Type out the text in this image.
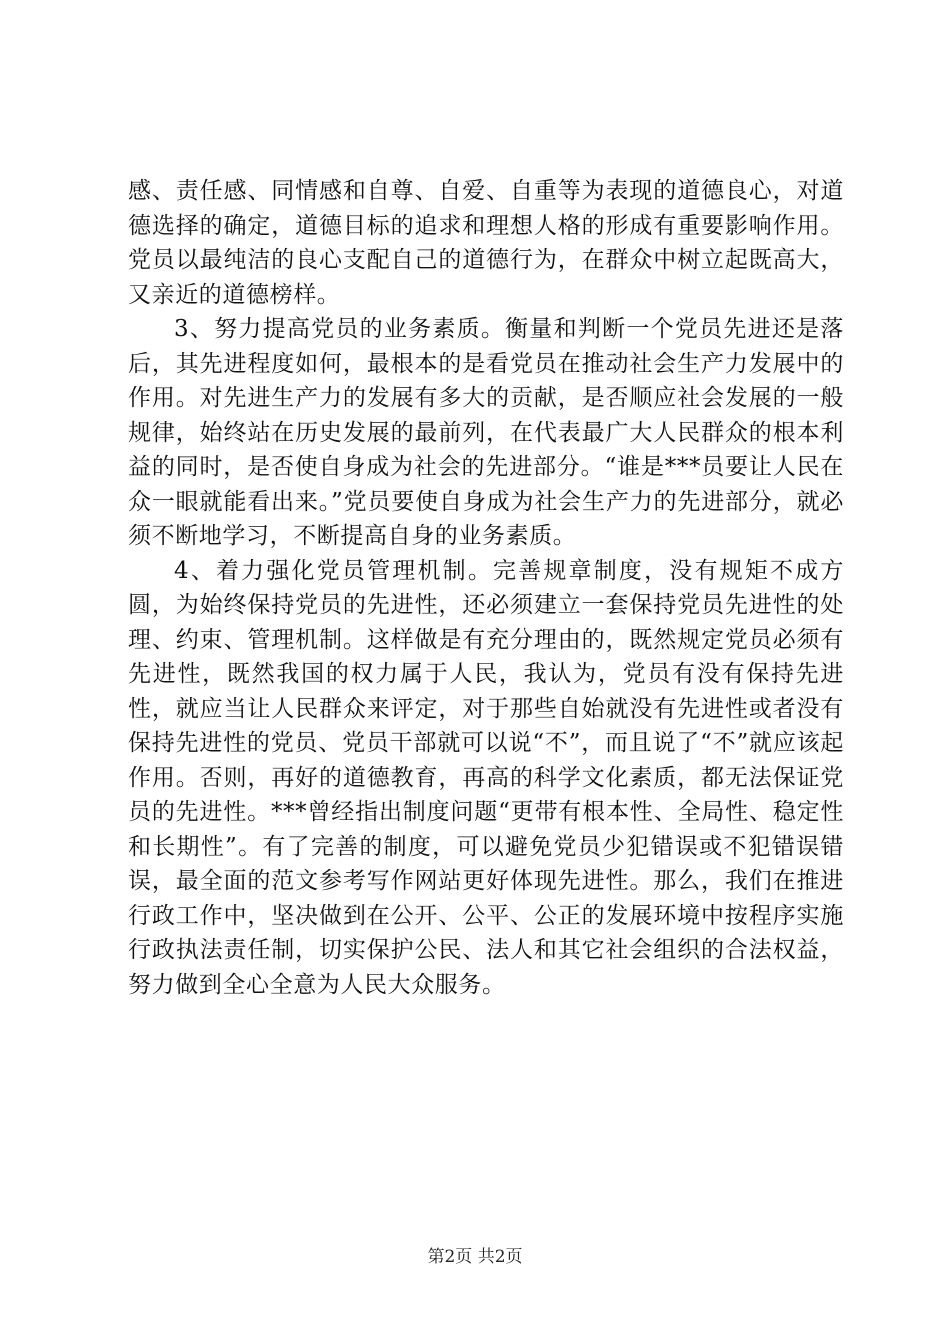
感、责任感、同情感和自尊、自爱、自重等为表现的道德良心，对道德选择的确定，道德目标的追求和理想人格的形成有重要影响作用。党员以最纯洁的良心支配自己的道德行为，在群众中树立起既高大，又亲近的道德榜样。

3、努力提高党员的业务素质。衡量和判断一个党员先进还是落后，其先进程度如何，最根本的是看党员在推动社会生产力发展中的作用。对先进生产力的发展有多大的贡献，是否顺应社会发展的一般规律，始终站在历史发展的最前列，在代表最广大人民群众的根本利益的同时，是否使自身成为社会的先进部分。“谁是***员要让人民在众一眼就能看出来。”党员要使自身成为社会生产力的先进部分，就必须不断地学习，不断提高自身的业务素质。

4、着力强化党员管理机制。完善规章制度，没有规矩不成方圆，为始终保持党员的先进性，还必须建立一套保持党员先进性的处理、约束、管理机制。这样做是有充分理由的，既然规定党员必须有先进性，既然我国的权力属于人民，我认为，党员有没有保持先进性，就应当让人民群众来评定，对于那些自始就没有先进性或者没有保持先进性的党员、党员干部就可以说“不”，而且说了“不”就应该起作用。否则，再好的道德教育，再高的科学文化素质，都无法保证党员的先进性。***曾经指出制度问题“更带有根本性、全局性、稳定性和长期性”。有了完善的制度，可以避免党员少犯错误或不犯错误错误，最全面的范文参考写作网站更好体现先进性。那么，我们在推进行政工作中，坚决做到在公开、公平、公正的发展环境中按程序实施行政执法责任制，切实保护公民、法人和其它社会组织的合法权益，努力做到全心全意为人民大众服务。

第2页 共2页
